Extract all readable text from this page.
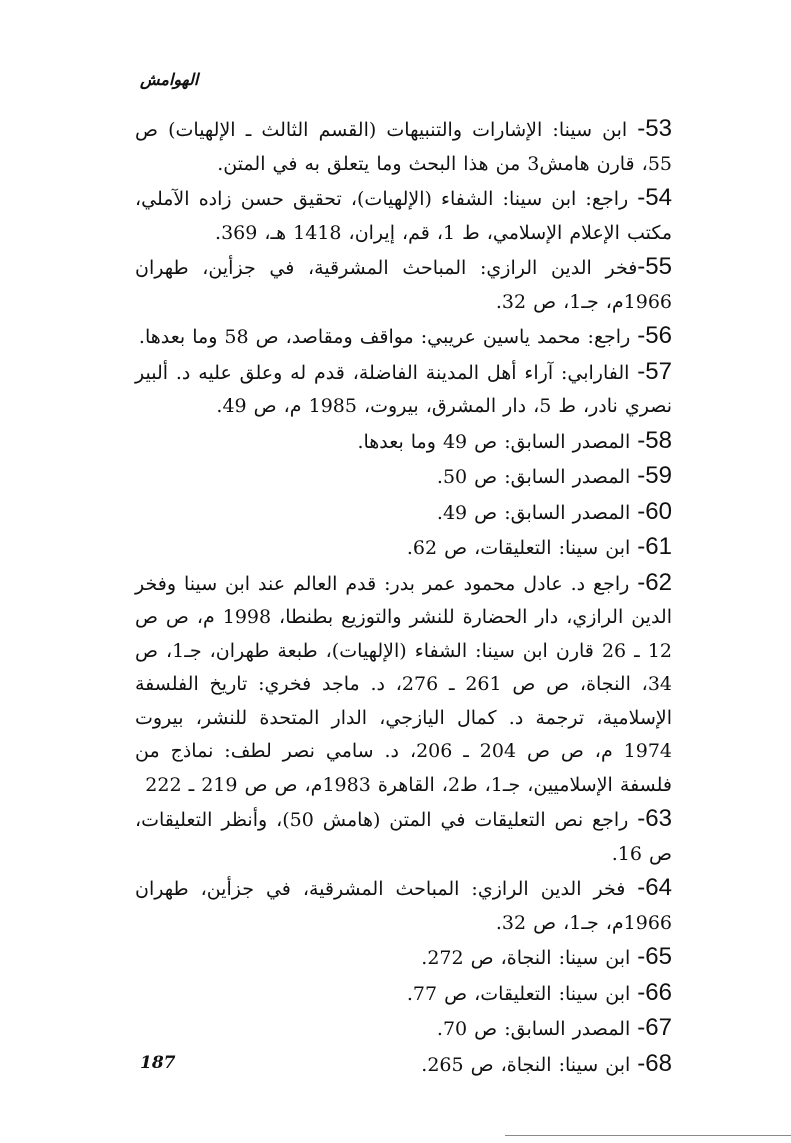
الهوامش
53- ابن سينا: الإشارات والتنبيهات (القسم الثالث ـ الإلهيات) ص 55، قارن هامش3 من هذا البحث وما يتعلق به في المتن.
54- راجع: ابن سينا: الشفاء (الإلهيات)، تحقيق حسن زاده الآملي، مكتب الإعلام الإسلامي، ط 1، قم، إيران، 1418 هـ، 369.
55-فخر الدين الرازي: المباحث المشرقية، في جزأين، طهران 1966م، جـ1، ص 32.
56- راجع: محمد ياسين عريبي: مواقف ومقاصد، ص 58 وما بعدها.
57- الفارابي: آراء أهل المدينة الفاضلة، قدم له وعلق عليه د. ألبير نصري نادر، ط 5، دار المشرق، بيروت، 1985 م، ص 49.
58- المصدر السابق: ص 49 وما بعدها.
59- المصدر السابق: ص 50.
60- المصدر السابق: ص 49.
61- ابن سينا: التعليقات، ص 62.
62- راجع د. عادل محمود عمر بدر: قدم العالم عند ابن سينا وفخر الدين الرازي، دار الحضارة للنشر والتوزيع بطنطا، 1998 م، ص ص 12 ـ 26 قارن ابن سينا: الشفاء (الإلهيات)، طبعة طهران، جـ1، ص 34، النجاة، ص ص 261 ـ 276، د. ماجد فخري: تاريخ الفلسفة الإسلامية، ترجمة د. كمال اليازجي، الدار المتحدة للنشر، بيروت 1974 م، ص ص 204 ـ 206، د. سامي نصر لطف: نماذج من فلسفة الإسلاميين، جـ1، ط2، القاهرة 1983م، ص ص 219 ـ 222
63- راجع نص التعليقات في المتن (هامش 50)، وأنظر التعليقات، ص 16.
64- فخر الدين الرازي: المباحث المشرقية، في جزأين، طهران 1966م، جـ1، ص 32.
65- ابن سينا: النجاة، ص 272.
66- ابن سينا: التعليقات، ص 77.
67- المصدر السابق: ص 70.
68- ابن سينا: النجاة، ص 265.
187
